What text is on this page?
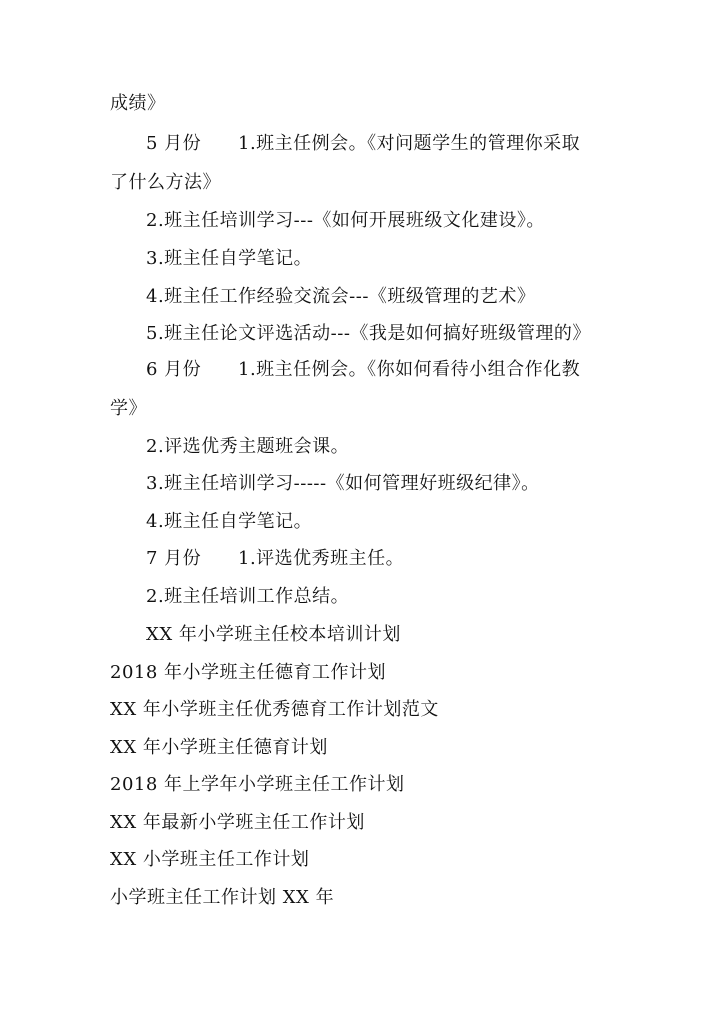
成绩》
5 月份 1.班主任例会。《对问题学生的管理你采取
了什么方法》
2.班主任培训学习---《如何开展班级文化建设》。
3.班主任自学笔记。
4.班主任工作经验交流会---《班级管理的艺术》
5.班主任论文评选活动---《我是如何搞好班级管理的》
6 月份 1.班主任例会。《你如何看待小组合作化教
学》
2.评选优秀主题班会课。
3.班主任培训学习-----《如何管理好班级纪律》。
4.班主任自学笔记。
7 月份 1.评选优秀班主任。
2.班主任培训工作总结。
XX 年小学班主任校本培训计划
2018 年小学班主任德育工作计划
XX 年小学班主任优秀德育工作计划范文
XX 年小学班主任德育计划
2018 年上学年小学班主任工作计划
XX 年最新小学班主任工作计划
XX 小学班主任工作计划
小学班主任工作计划 XX 年
